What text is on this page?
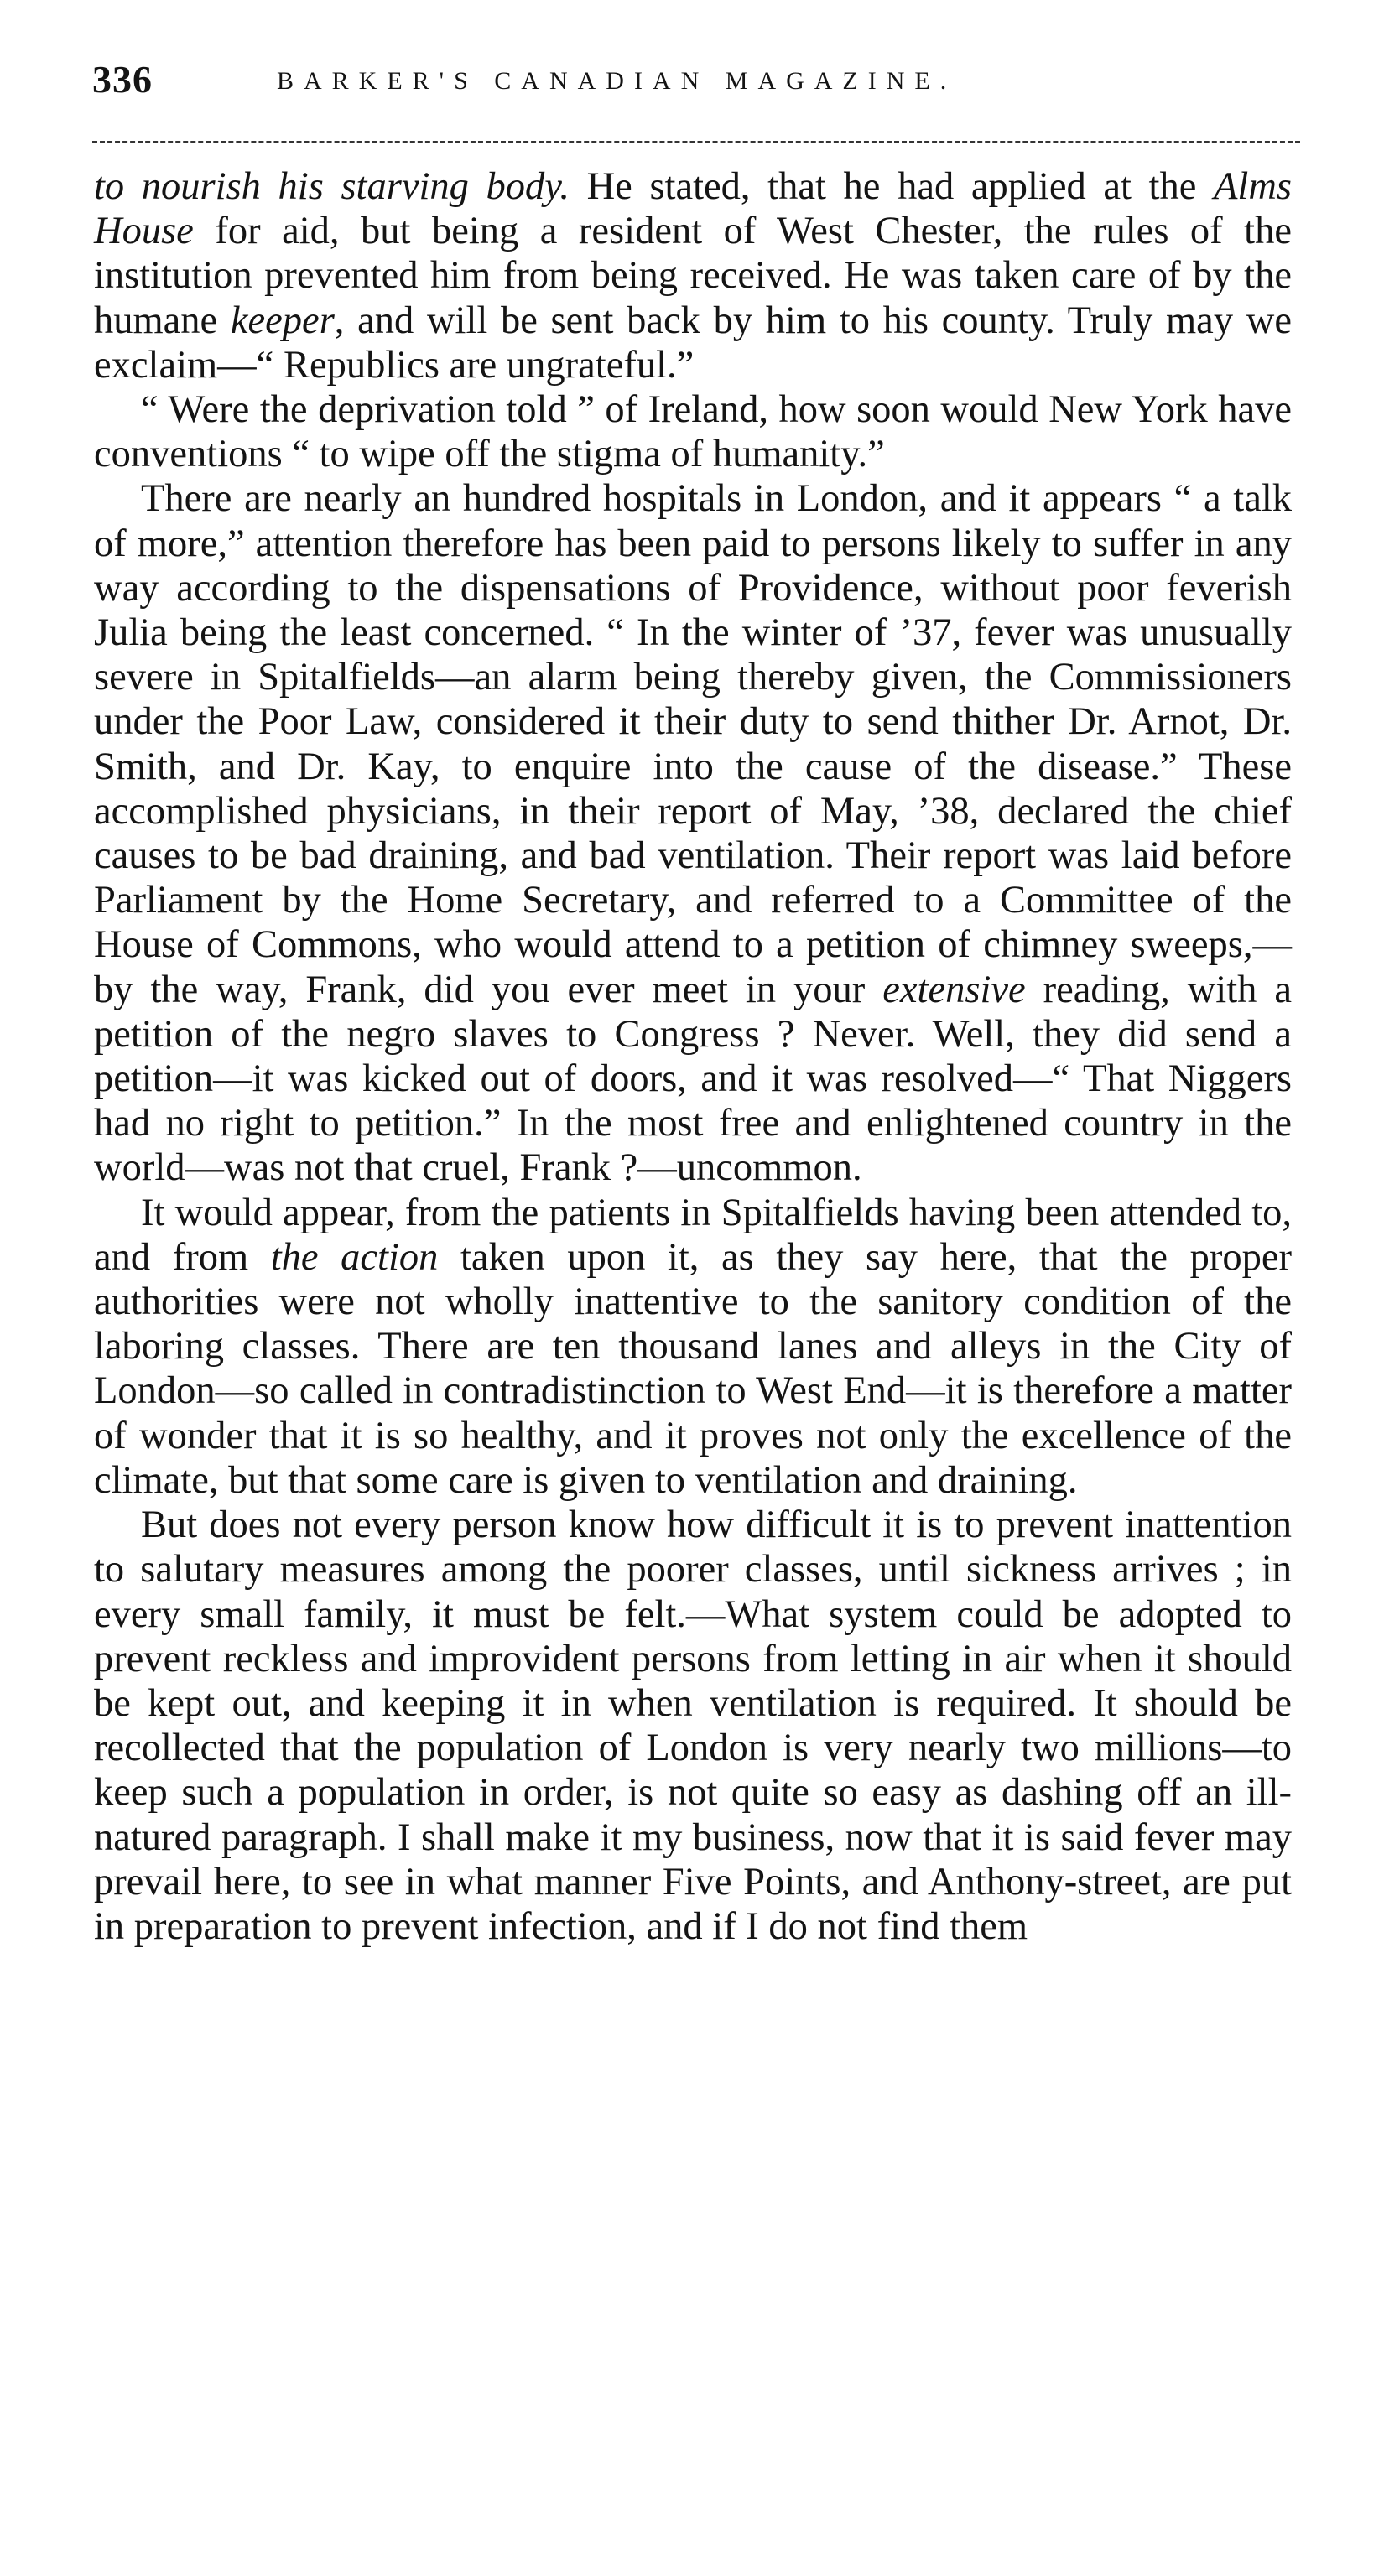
336	BARKER'S CANADIAN MAGAZINE.

to nourish his starving body. He stated, that he had applied at the Alms House for aid, but being a resident of West Chester, the rules of the institution prevented him from being received. He was taken care of by the humane keeper, and will be sent back by him to his county. Truly may we exclaim—“ Republics are ungrateful.”

“ Were the deprivation told ” of Ireland, how soon would New York have conventions “ to wipe off the stigma of humanity.”

There are nearly an hundred hospitals in London, and it appears “ a talk of more,” attention therefore has been paid to persons likely to suffer in any way according to the dispensations of Providence, without poor feverish Julia being the least concerned. “ In the winter of ’37, fever was unusually severe in Spitalfields—an alarm being thereby given, the Commissioners under the Poor Law, considered it their duty to send thither Dr. Arnot, Dr. Smith, and Dr. Kay, to enquire into the cause of the disease.” These accomplished physicians, in their report of May, ’38, declared the chief causes to be bad draining, and bad ventilation. Their report was laid before Parliament by the Home Secretary, and referred to a Committee of the House of Commons, who would attend to a petition of chimney sweeps,—by the way, Frank, did you ever meet in your extensive reading, with a petition of the negro slaves to Congress ? Never. Well, they did send a petition—it was kicked out of doors, and it was resolved—“ That Niggers had no right to petition.” In the most free and enlightened country in the world—was not that cruel, Frank ?—uncommon.

It would appear, from the patients in Spitalfields having been attended to, and from the action taken upon it, as they say here, that the proper authorities were not wholly inattentive to the sanitory condition of the laboring classes. There are ten thousand lanes and alleys in the City of London—so called in contradistinction to West End—it is therefore a matter of wonder that it is so healthy, and it proves not only the excellence of the climate, but that some care is given to ventilation and draining.

But does not every person know how difficult it is to prevent inattention to salutary measures among the poorer classes, until sickness arrives ; in every small family, it must be felt.—What system could be adopted to prevent reckless and improvident persons from letting in air when it should be kept out, and keeping it in when ventilation is required. It should be recollected that the population of London is very nearly two millions—to keep such a population in order, is not quite so easy as dashing off an ill-natured paragraph. I shall make it my business, now that it is said fever may prevail here, to see in what manner Five Points, and Anthony-street, are put in preparation to prevent infection, and if I do not find them
